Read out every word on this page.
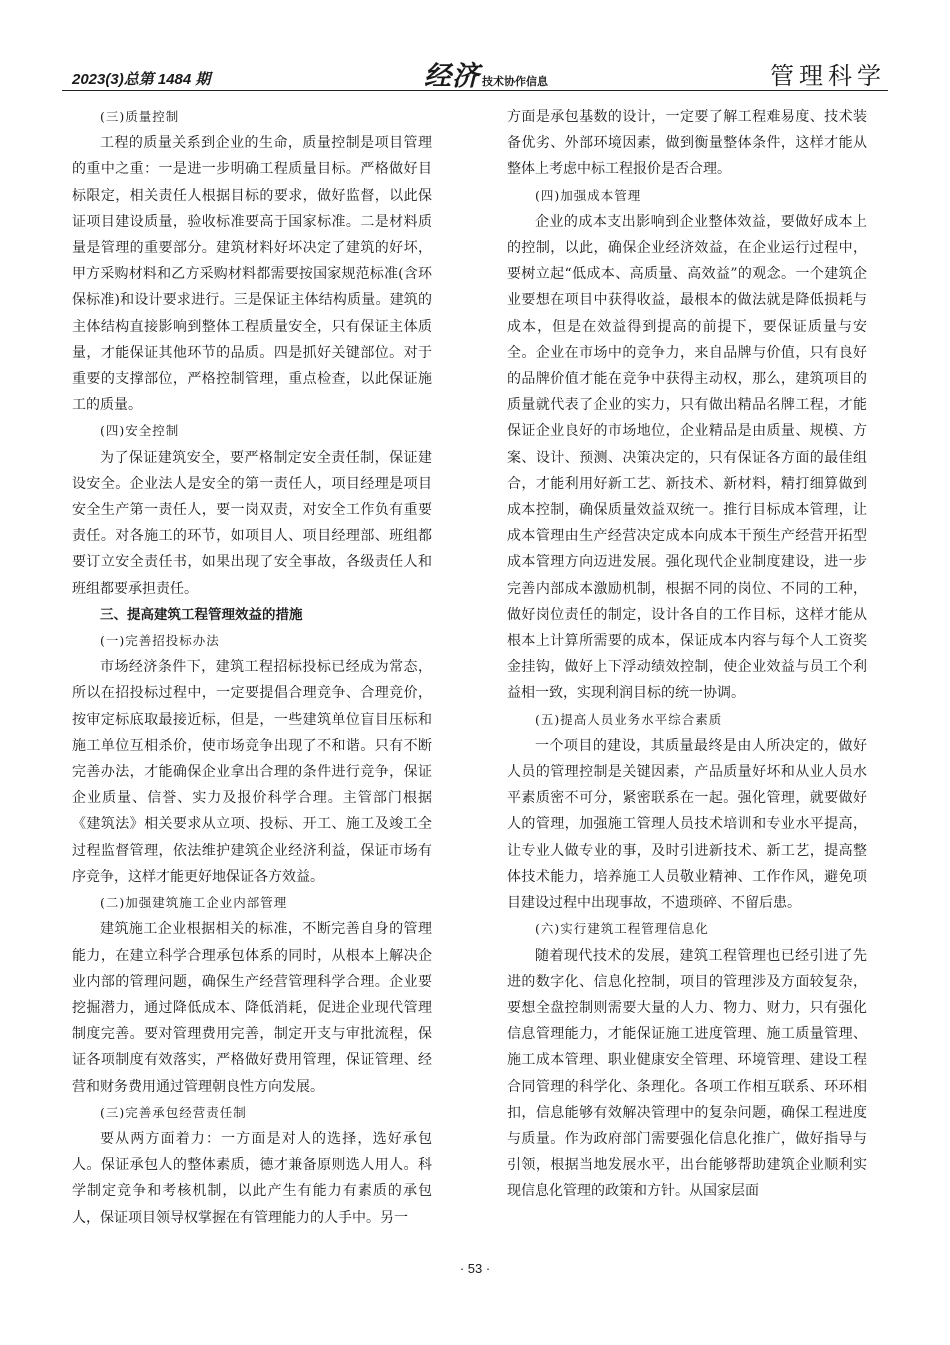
2023(3)总第 1484 期	经济 技术协作信息	管理科学

(三)质量控制

工程的质量关系到企业的生命，质量控制是项目管理的重中之重：一是进一步明确工程质量目标。严格做好目标限定，相关责任人根据目标的要求，做好监督，以此保证项目建设质量，验收标准要高于国家标准。二是材料质量是管理的重要部分。建筑材料好坏决定了建筑的好坏，甲方采购材料和乙方采购材料都需要按国家规范标准(含环保标准)和设计要求进行。三是保证主体结构质量。建筑的主体结构直接影响到整体工程质量安全，只有保证主体质量，才能保证其他环节的品质。四是抓好关键部位。对于重要的支撑部位，严格控制管理，重点检查，以此保证施工的质量。

(四)安全控制

为了保证建筑安全，要严格制定安全责任制，保证建设安全。企业法人是安全的第一责任人，项目经理是项目安全生产第一责任人，要一岗双责，对安全工作负有重要责任。对各施工的环节，如项目人、项目经理部、班组都要订立安全责任书，如果出现了安全事故，各级责任人和班组都要承担责任。

三、提高建筑工程管理效益的措施

(一)完善招投标办法

市场经济条件下，建筑工程招标投标已经成为常态，所以在招投标过程中，一定要提倡合理竞争、合理竞价，按审定标底取最接近标，但是，一些建筑单位盲目压标和施工单位互相杀价，使市场竞争出现了不和谐。只有不断完善办法，才能确保企业拿出合理的条件进行竞争，保证企业质量、信誉、实力及报价科学合理。主管部门根据《建筑法》相关要求从立项、投标、开工、施工及竣工全过程监督管理，依法维护建筑企业经济利益，保证市场有序竞争，这样才能更好地保证各方效益。

(二)加强建筑施工企业内部管理

建筑施工企业根据相关的标准，不断完善自身的管理能力，在建立科学合理承包体系的同时，从根本上解决企业内部的管理问题，确保生产经营管理科学合理。企业要挖掘潜力，通过降低成本、降低消耗，促进企业现代管理制度完善。要对管理费用完善，制定开支与审批流程，保证各项制度有效落实，严格做好费用管理，保证管理、经营和财务费用通过管理朝良性方向发展。

(三)完善承包经营责任制

要从两方面着力：一方面是对人的选择，选好承包人。保证承包人的整体素质，德才兼备原则选人用人。科学制定竞争和考核机制，以此产生有能力有素质的承包人，保证项目领导权掌握在有管理能力的人手中。另一

方面是承包基数的设计，一定要了解工程难易度、技术装备优劣、外部环境因素，做到衡量整体条件，这样才能从整体上考虑中标工程报价是否合理。

(四)加强成本管理

企业的成本支出影响到企业整体效益，要做好成本上的控制，以此，确保企业经济效益，在企业运行过程中，要树立起“低成本、高质量、高效益”的观念。一个建筑企业要想在项目中获得收益，最根本的做法就是降低损耗与成本，但是在效益得到提高的前提下，要保证质量与安全。企业在市场中的竞争力，来自品牌与价值，只有良好的品牌价值才能在竞争中获得主动权，那么，建筑项目的质量就代表了企业的实力，只有做出精品名牌工程，才能保证企业良好的市场地位，企业精品是由质量、规模、方案、设计、预测、决策决定的，只有保证各方面的最佳组合，才能利用好新工艺、新技术、新材料，精打细算做到成本控制，确保质量效益双统一。推行目标成本管理，让成本管理由生产经营决定成本向成本干预生产经营开拓型成本管理方向迈进发展。强化现代企业制度建设，进一步完善内部成本激励机制，根据不同的岗位、不同的工种，做好岗位责任的制定，设计各自的工作目标，这样才能从根本上计算所需要的成本，保证成本内容与每个人工资奖金挂钩，做好上下浮动绩效控制，使企业效益与员工个利益相一致，实现利润目标的统一协调。

(五)提高人员业务水平综合素质

一个项目的建设，其质量最终是由人所决定的，做好人员的管理控制是关键因素，产品质量好坏和从业人员水平素质密不可分，紧密联系在一起。强化管理，就要做好人的管理，加强施工管理人员技术培训和专业水平提高，让专业人做专业的事，及时引进新技术、新工艺，提高整体技术能力，培养施工人员敬业精神、工作作风，避免项目建设过程中出现事故，不遗琐碎、不留后患。

(六)实行建筑工程管理信息化

随着现代技术的发展，建筑工程管理也已经引进了先进的数字化、信息化控制，项目的管理涉及方面较复杂，要想全盘控制则需要大量的人力、物力、财力，只有强化信息管理能力，才能保证施工进度管理、施工质量管理、施工成本管理、职业健康安全管理、环境管理、建设工程合同管理的科学化、条理化。各项工作相互联系、环环相扣，信息能够有效解决管理中的复杂问题，确保工程进度与质量。作为政府部门需要强化信息化推广，做好指导与引领，根据当地发展水平，出台能够帮助建筑企业顺利实现信息化管理的政策和方针。从国家层面

· 53 ·
